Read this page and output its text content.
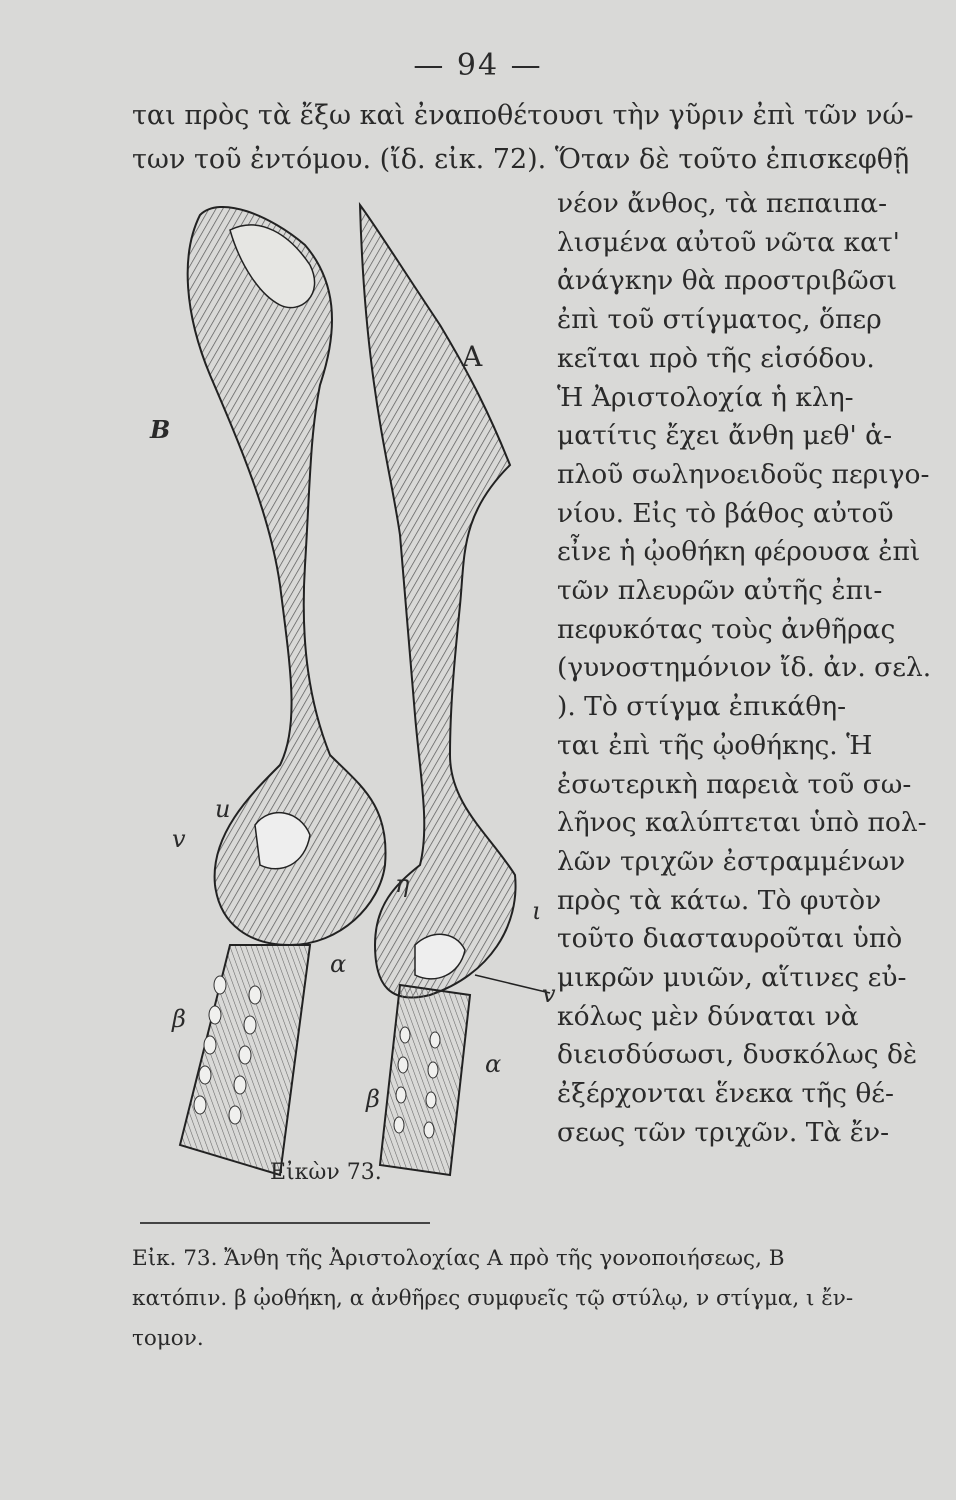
— 94 —
ται πρὸς τὰ ἔξω καὶ ἐναποθέτουσι τὴν γῦριν ἐπὶ τῶν νώ-
των τοῦ ἐντόμου. (ἴδ. εἰκ. 72). Ὅταν δὲ τοῦτο ἐπισκεφθῇ
νέον ἄνθος, τὰ πεπαιπα-
λισμένα αὐτοῦ νῶτα κατ'
ἀνάγκην θὰ προστριβῶσι
ἐπὶ τοῦ στίγματος, ὅπερ
κεῖται πρὸ τῆς εἰσόδου.
Ἡ Ἀριστολοχία ἡ κλη-
ματίτις ἔχει ἄνθη μεθ' ἁ-
πλοῦ σωληνοειδοῦς περιγο-
νίου. Εἰς τὸ βάθος αὐτοῦ
εἶνε ἡ ᾠοθήκη φέρουσα ἐπὶ
τῶν πλευρῶν αὐτῆς ἐπι-
πεφυκότας τοὺς ἀνθῆρας
(γυνοστημόνιον ἴδ. ἀν. σελ.
). Τὸ στίγμα ἐπικάθη-
ται ἐπὶ τῆς ᾠοθήκης. Ἡ
ἐσωτερικὴ παρειὰ τοῦ σω-
λῆνος καλύπτεται ὑπὸ πολ-
λῶν τριχῶν ἐστραμμένων
πρὸς τὰ κάτω. Τὸ φυτὸν
τοῦτο διασταυροῦται ὑπὸ
μικρῶν μυιῶν, αἵτινες εὐ-
κόλως μὲν δύναται νὰ
διεισδύσωσι, δυσκόλως δὲ
ἐξέρχονται ἕνεκα τῆς θέ-
σεως τῶν τριχῶν. Τὰ ἔν-
A
B
u
v
η
α
β
ι
v
α
β
Εἰκὼν 73.
Εἰκ. 73. Ἄνθη τῆς Ἀριστολοχίας Α πρὸ τῆς γονοποιήσεως, Β
κατόπιν. β ᾠοθήκη, α ἀνθῆρες συμφυεῖς τῷ στύλῳ, ν στίγμα, ι ἔν-
τομον.
